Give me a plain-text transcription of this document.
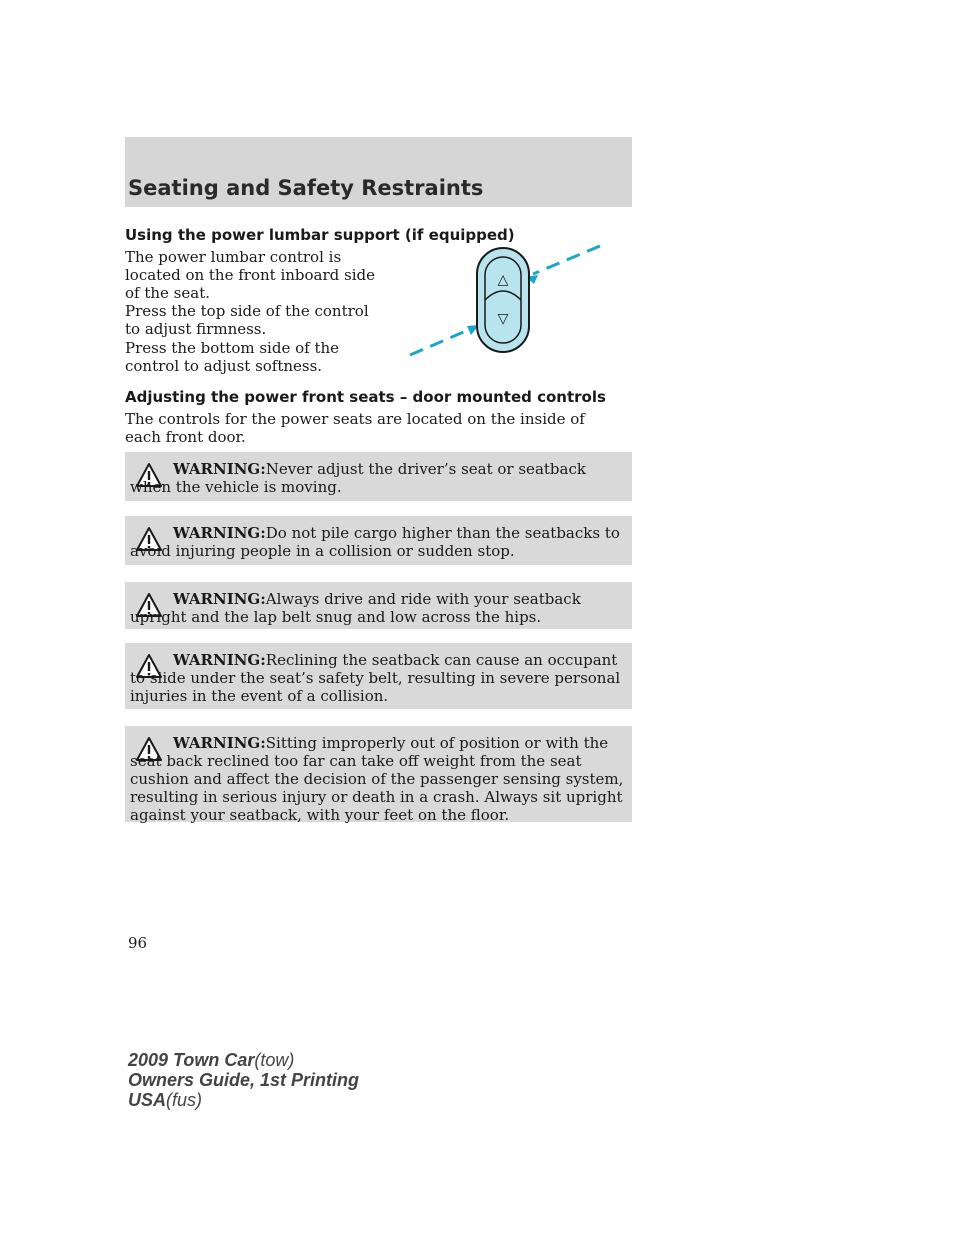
Seating and Safety Restraints
Using the power lumbar support (if equipped)

The power lumbar control is located on the front inboard side of the seat.

Press the top side of the control to adjust firmness.

Press the bottom side of the control to adjust softness.

△
▽
Adjusting the power front seats – door mounted controls

The controls for the power seats are located on the inside of each front door.

WARNING:Never adjust the driver’s seat or seatback when the vehicle is moving.

WARNING:Do not pile cargo higher than the seatbacks to avoid injuring people in a collision or sudden stop.

WARNING:Always drive and ride with your seatback upright and the lap belt snug and low across the hips.

WARNING:Reclining the seatback can cause an occupant to slide under the seat’s safety belt, resulting in severe personal injuries in the event of a collision.

WARNING:Sitting improperly out of position or with the seat back reclined too far can take off weight from the seat cushion and affect the decision of the passenger sensing system, resulting in serious injury or death in a crash. Always sit upright against your seatback, with your feet on the floor.

96
2009 Town Car(tow)
Owners Guide, 1st Printing
USA(fus)
